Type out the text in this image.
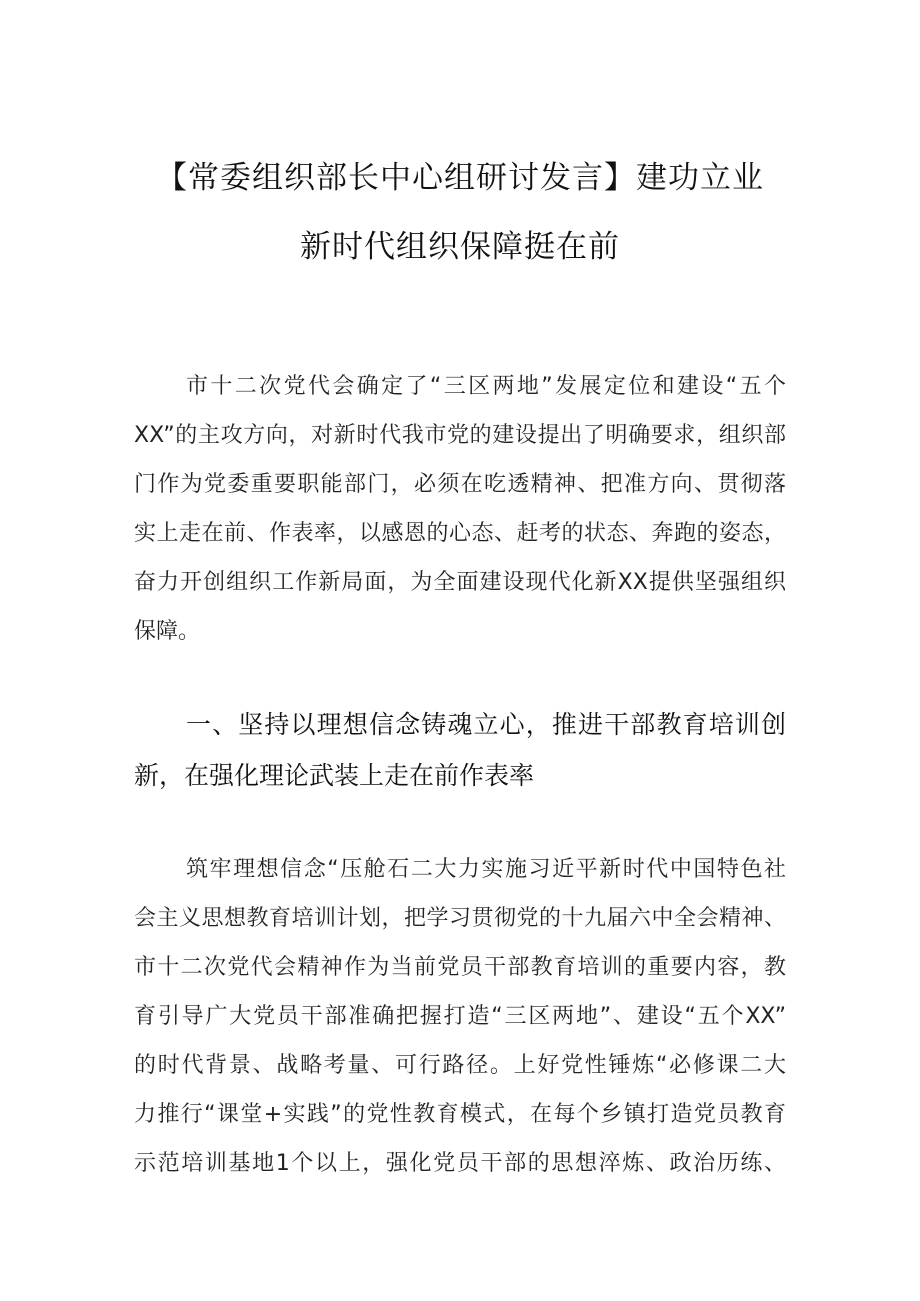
【常委组织部长中心组研讨发言】建功立业
新时代组织保障挺在前
市十二次党代会确定了“三区两地”发展定位和建设“五个
XX”的主攻方向，对新时代我市党的建设提出了明确要求，组织部
门作为党委重要职能部门，必须在吃透精神、把准方向、贯彻落
实上走在前、作表率，以感恩的心态、赶考的状态、奔跑的姿态，
奋力开创组织工作新局面，为全面建设现代化新XX提供坚强组织
保障。
一、坚持以理想信念铸魂立心，推进干部教育培训创
新，在强化理论武装上走在前作表率
筑牢理想信念“压舱石二大力实施习近平新时代中国特色社
会主义思想教育培训计划，把学习贯彻党的十九届六中全会精神、
市十二次党代会精神作为当前党员干部教育培训的重要内容，教
育引导广大党员干部准确把握打造“三区两地”、建设“五个XX”
的时代背景、战略考量、可行路径。上好党性锤炼“必修课二大
力推行“课堂+实践”的党性教育模式，在每个乡镇打造党员教育
示范培训基地1个以上，强化党员干部的思想淬炼、政治历练、
